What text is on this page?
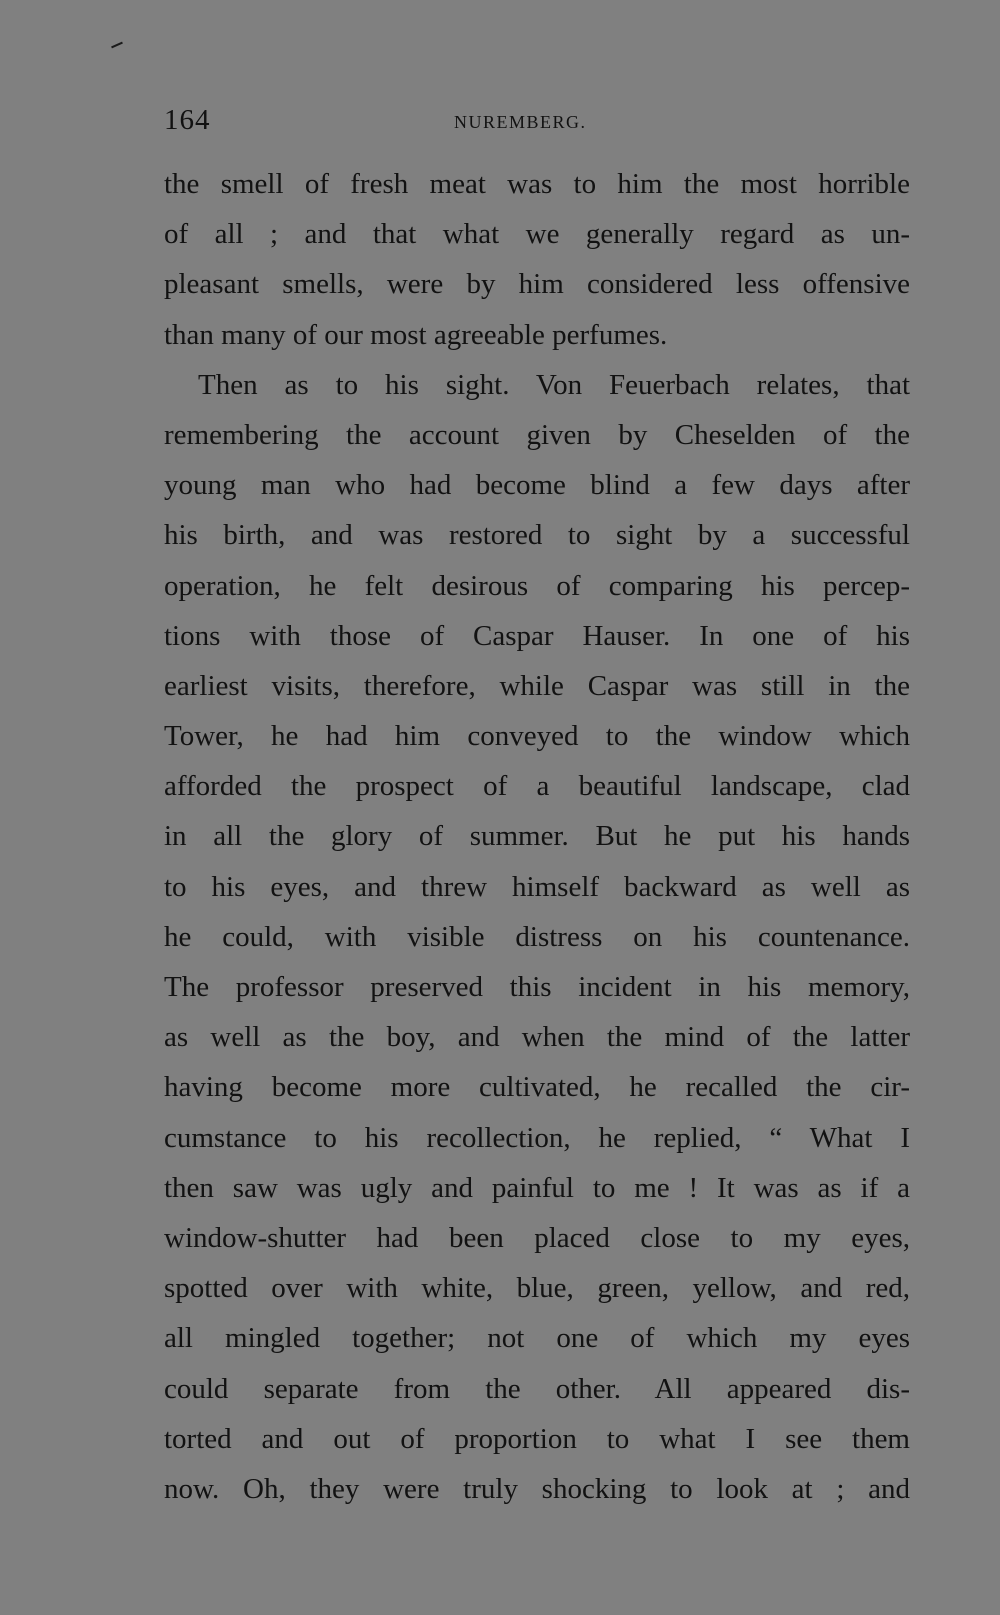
164	NUREMBERG.
the smell of fresh meat was to him the most horrible
of all ; and that what we generally regard as un-
pleasant smells, were by him considered less offensive
than many of our most agreeable perfumes.
Then as to his sight. Von Feuerbach relates, that
remembering the account given by Cheselden of the
young man who had become blind a few days after
his birth, and was restored to sight by a successful
operation, he felt desirous of comparing his percep-
tions with those of Caspar Hauser. In one of his
earliest visits, therefore, while Caspar was still in the
Tower, he had him conveyed to the window which
afforded the prospect of a beautiful landscape, clad
in all the glory of summer. But he put his hands
to his eyes, and threw himself backward as well as
he could, with visible distress on his countenance.
The professor preserved this incident in his memory,
as well as the boy, and when the mind of the latter
having become more cultivated, he recalled the cir-
cumstance to his recollection, he replied, “ What I
then saw was ugly and painful to me ! It was as if a
window-shutter had been placed close to my eyes,
spotted over with white, blue, green, yellow, and red,
all mingled together; not one of which my eyes
could separate from the other. All appeared dis-
torted and out of proportion to what I see them
now. Oh, they were truly shocking to look at ; and
